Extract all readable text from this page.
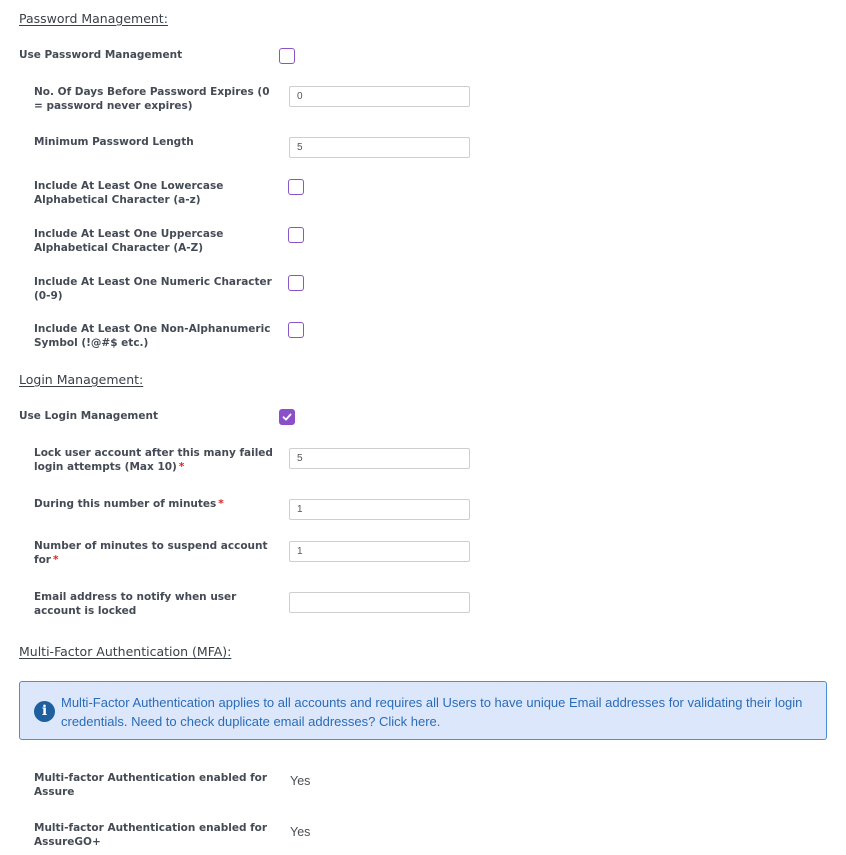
Password Management:
Use Password Management
No. Of Days Before Password Expires (0 = password never expires)
0
Minimum Password Length
5
Include At Least One Lowercase Alphabetical Character (a-z)
Include At Least One Uppercase Alphabetical Character (A-Z)
Include At Least One Numeric Character (0-9)
Include At Least One Non-Alphanumeric Symbol (!@#$ etc.)
Login Management:
Use Login Management
Lock user account after this many failed login attempts (Max 10) *
5
During this number of minutes *
1
Number of minutes to suspend account for *
1
Email address to notify when user account is locked
Multi-Factor Authentication (MFA):
i
Multi-Factor Authentication applies to all accounts and requires all Users to have unique Email addresses for validating their login credentials. Need to check duplicate email addresses? Click here.
Multi-factor Authentication enabled for Assure
Yes
Multi-factor Authentication enabled for AssureGO+
Yes
